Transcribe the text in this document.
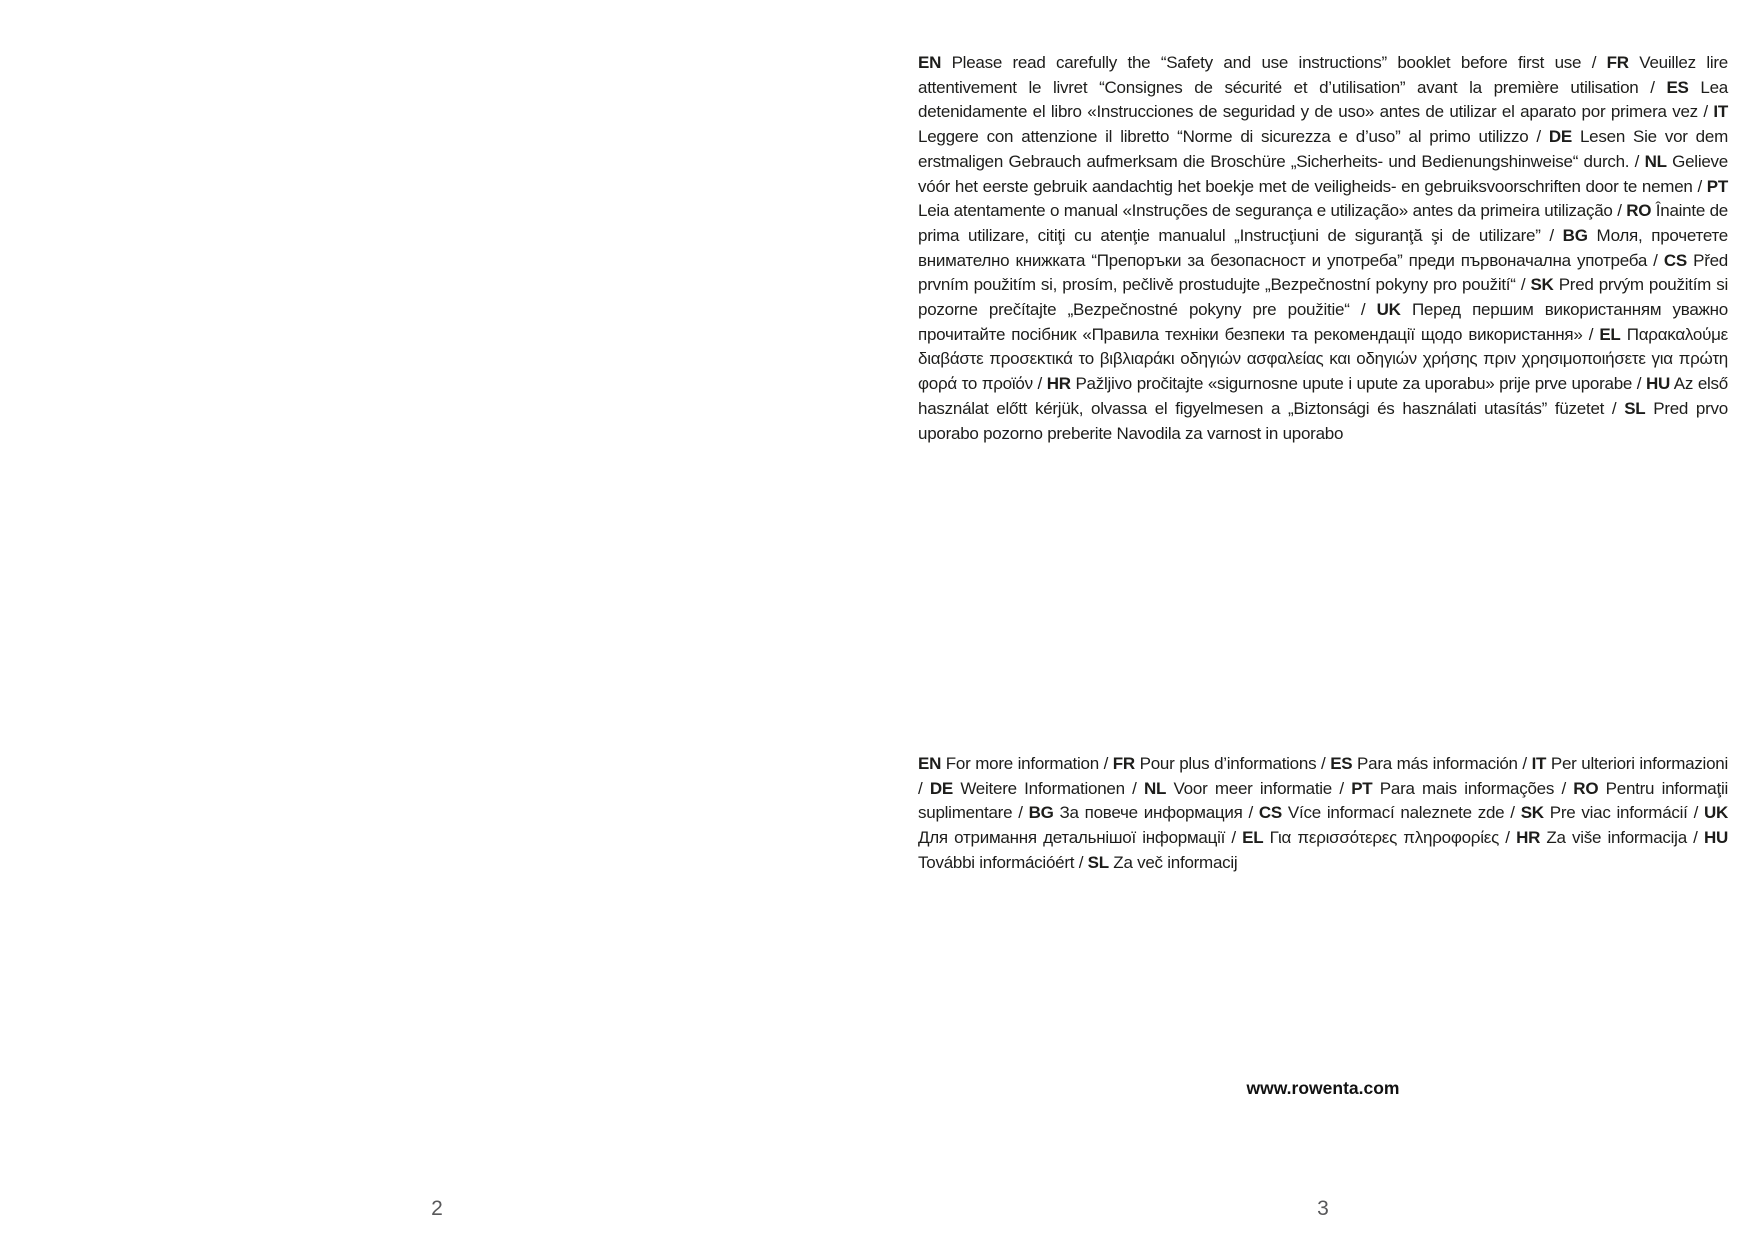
EN Please read carefully the “Safety and use instructions” booklet before first use / FR Veuillez lire attentivement le livret “Consignes de sécurité et d’utilisation” avant la première utilisation / ES Lea detenidamente el libro «Instrucciones de seguridad y de uso» antes de utilizar el aparato por primera vez / IT Leggere con attenzione il libretto “Norme di sicurezza e d’uso” al primo utilizzo / DE Lesen Sie vor dem erstmaligen Gebrauch aufmerksam die Broschüre „Sicherheits- und Bedienungshinweise“ durch. / NL Gelieve vóór het eerste gebruik aandachtig het boekje met de veiligheids- en gebruiksvoorschriften door te nemen / PT Leia atentamente o manual «Instruções de segurança e utilização» antes da primeira utilização / RO Înainte de prima utilizare, citiţi cu atenţie manualul „Instrucţiuni de siguranţă şi de utilizare” / BG Моля, прочетете внимателно книжката “Препоръки за безопасност и употреба” преди първоначална употреба / CS Před prvním použitím si, prosím, pečlivě prostudujte „Bezpečnostní pokyny pro použití“ / SK Pred prvým použitím si pozorne prečítajte „Bezpečnostné pokyny pre použitie“ / UK Перед першим використанням уважно прочитайте посібник «Правила техніки безпеки та рекомендації щодо використання» / EL Παρακαλούμε διαβάστε προσεκτικά το βιβλιαράκι οδηγιών ασφαλείας και οδηγιών χρήσης πριν χρησιμοποιήσετε για πρώτη φορά το προϊόν / HR Pažljivo pročitajte «sigurnosne upute i upute za uporabu» prije prve uporabe / HU Az első használat előtt kérjük, olvassa el figyelmesen a „Biztonsági és használati utasítás” füzetet / SL Pred prvo uporabo pozorno preberite Navodila za varnost in uporabo

EN For more information / FR Pour plus d’informations / ES Para más información / IT Per ulteriori informazioni / DE Weitere Informationen / NL Voor meer informatie / PT Para mais informações / RO Pentru informaţii suplimentare / BG За повече информация / CS Více informací naleznete zde / SK Pre viac informácií / UK Для отримання детальнішої інформації / EL Για περισσότερες πληροφορίες / HR Za više informacija / HU További információért / SL Za več informacij

www.rowenta.com
2	3
